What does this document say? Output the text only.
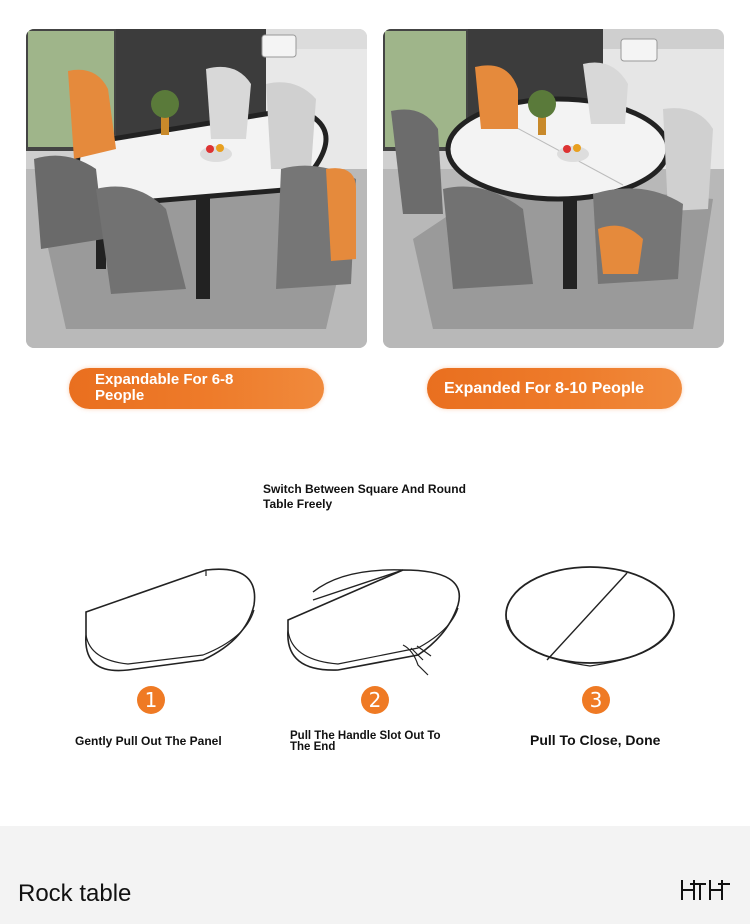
Expandable For 6-8 People	Expanded For 8-10 People
Switch Between Square And Round Table Freely
1	2	3
Gently Pull Out The Panel	Pull The Handle Slot Out To The End	Pull To Close, Done
Rock table
